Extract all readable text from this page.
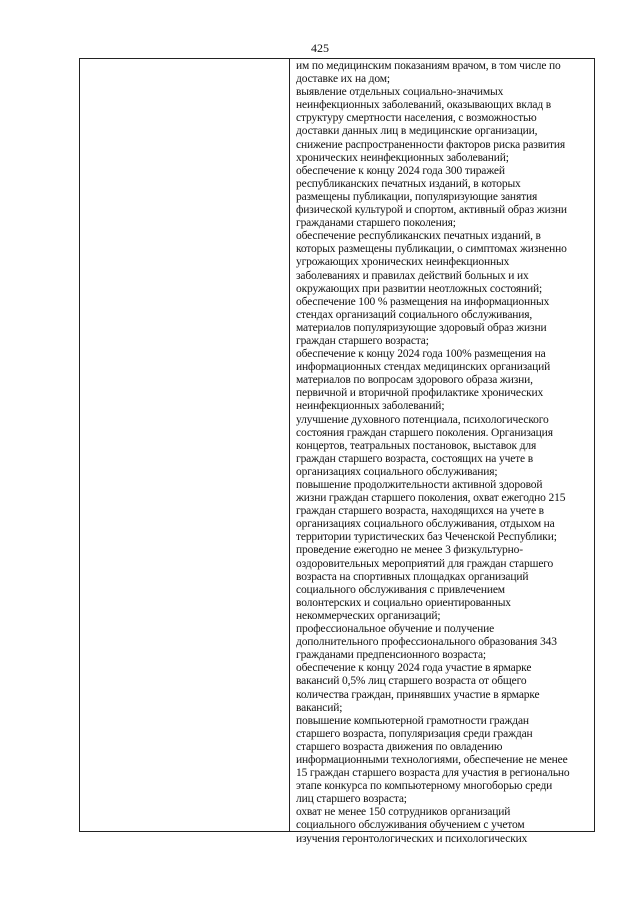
425
им по медицинским показаниям врачом, в том числе по
доставке их на дом;
выявление отдельных социально-значимых
неинфекционных заболеваний, оказывающих вклад в
структуру смертности населения, с возможностью
доставки данных лиц в медицинские организации,
снижение распространенности факторов риска развития
хронических неинфекционных заболеваний;
обеспечение к концу 2024 года 300 тиражей
республиканских печатных изданий, в которых
размещены публикации, популяризующие занятия
физической культурой и спортом, активный образ жизни
гражданами старшего поколения;
обеспечение республиканских печатных изданий, в
которых размещены публикации, о симптомах жизненно
угрожающих хронических неинфекционных
заболеваниях и правилах действий больных и их
окружающих при развитии неотложных состояний;
обеспечение 100 % размещения на информационных
стендах организаций социального обслуживания,
материалов популяризующие здоровый образ жизни
граждан старшего возраста;
обеспечение к концу 2024 года 100% размещения на
информационных стендах медицинских организаций
материалов по вопросам здорового образа жизни,
первичной и вторичной профилактике хронических
неинфекционных заболеваний;
улучшение духовного потенциала, психологического
состояния граждан старшего поколения. Организация
концертов, театральных постановок, выставок для
граждан старшего возраста, состоящих на учете в
организациях социального обслуживания;
повышение продолжительности активной здоровой
жизни граждан старшего поколения, охват ежегодно 215
граждан старшего возраста, находящихся на учете в
организациях социального обслуживания, отдыхом на
территории туристических баз Чеченской Республики;
проведение ежегодно не менее 3 физкультурно-
оздоровительных мероприятий для граждан старшего
возраста на спортивных площадках организаций
социального обслуживания с привлечением
волонтерских и социально ориентированных
некоммерческих организаций;
профессиональное обучение и получение
дополнительного профессионального образования 343
гражданами предпенсионного возраста;
обеспечение к концу 2024 года участие в ярмарке
вакансий 0,5% лиц старшего возраста от общего
количества граждан, принявших участие в ярмарке
вакансий;
повышение компьютерной грамотности граждан
старшего возраста, популяризация среди граждан
старшего возраста движения по овладению
информационными технологиями, обеспечение не менее
15 граждан старшего возраста для участия в регионально
этапе конкурса по компьютерному многоборью среди
лиц старшего возраста;
охват не менее 150 сотрудников организаций
социального обслуживания обучением с учетом
изучения геронтологических и психологических
